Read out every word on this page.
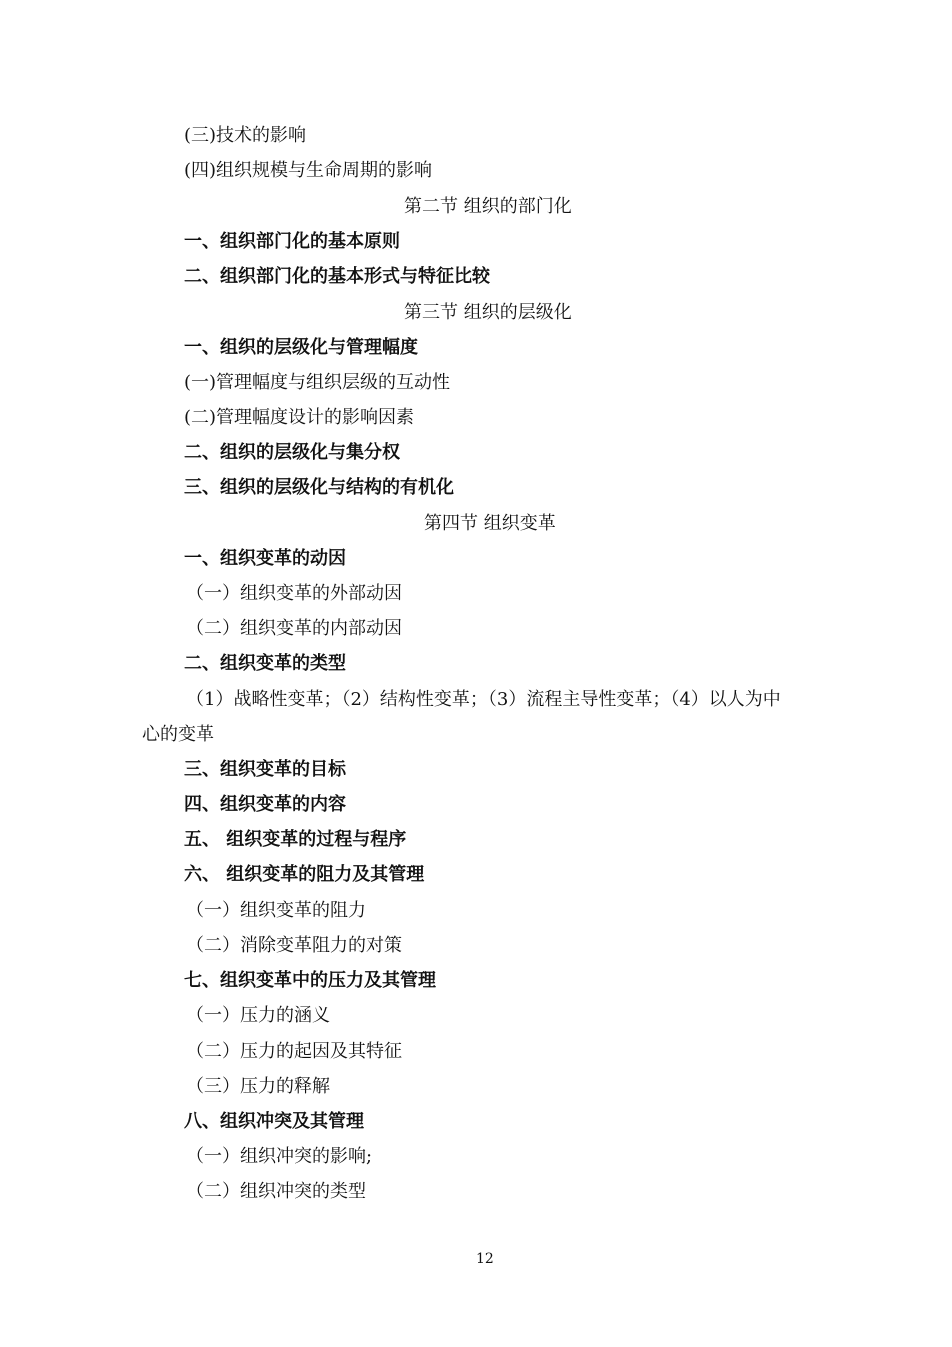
(三)技术的影响
(四)组织规模与生命周期的影响
第二节 组织的部门化
一、组织部门化的基本原则
二、组织部门化的基本形式与特征比较
第三节 组织的层级化
一、组织的层级化与管理幅度
(一)管理幅度与组织层级的互动性
(二)管理幅度设计的影响因素
二、组织的层级化与集分权
三、组织的层级化与结构的有机化
第四节 组织变革
一、组织变革的动因
（一）组织变革的外部动因
（二）组织变革的内部动因
二、组织变革的类型
（1）战略性变革；（2）结构性变革；（3）流程主导性变革；（4）以人为中
心的变革
三、组织变革的目标
四、组织变革的内容
五、 组织变革的过程与程序
六、 组织变革的阻力及其管理
（一）组织变革的阻力
（二）消除变革阻力的对策
七、组织变革中的压力及其管理
（一）压力的涵义
（二）压力的起因及其特征
（三）压力的释解
八、组织冲突及其管理
（一）组织冲突的影响;
（二）组织冲突的类型
12
